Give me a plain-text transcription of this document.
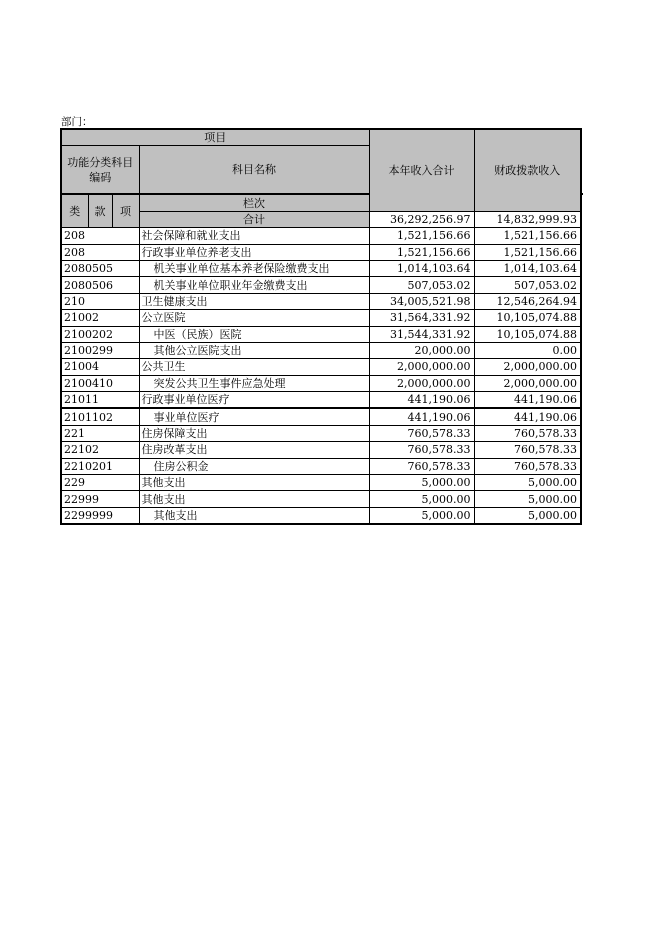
部门：
项目				本年收入合计	财政拨款收入	
功能分类科目编码			科目名称			
类	款	项	栏次		
			合计	36,292,256.97	14,832,999.93	
208			社会保障和就业支出	1,521,156.66	1,521,156.66	
208			行政事业单位养老支出	1,521,156.66	1,521,156.66	
2080505			机关事业单位基本养老保险缴费支出	1,014,103.64	1,014,103.64	
2080506			机关事业单位职业年金缴费支出	507,053.02	507,053.02	
210			卫生健康支出	34,005,521.98	12,546,264.94	
21002			公立医院	31,564,331.92	10,105,074.88	
2100202			中医（民族）医院	31,544,331.92	10,105,074.88	
2100299			其他公立医院支出	20,000.00	0.00	
21004			公共卫生	2,000,000.00	2,000,000.00	
2100410			突发公共卫生事件应急处理	2,000,000.00	2,000,000.00	
21011			行政事业单位医疗	441,190.06	441,190.06	
2101102			事业单位医疗	441,190.06	441,190.06	
221			住房保障支出	760,578.33	760,578.33	
22102			住房改革支出	760,578.33	760,578.33	
2210201			住房公积金	760,578.33	760,578.33	
229			其他支出	5,000.00	5,000.00	
22999			其他支出	5,000.00	5,000.00	
2299999			其他支出	5,000.00	5,000.00	
